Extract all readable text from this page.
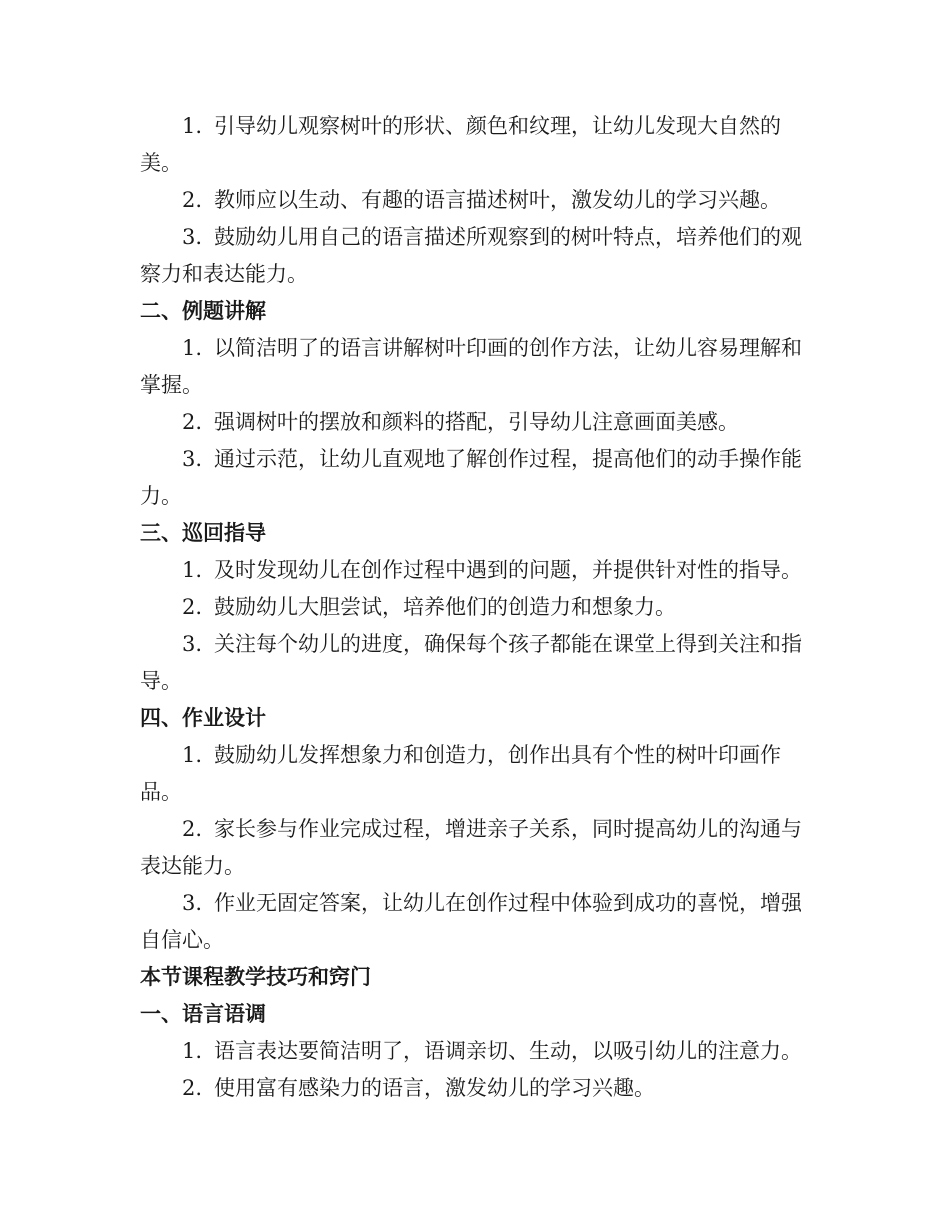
1. 引导幼儿观察树叶的形状、颜色和纹理，让幼儿发现大自然的美。

2. 教师应以生动、有趣的语言描述树叶，激发幼儿的学习兴趣。

3. 鼓励幼儿用自己的语言描述所观察到的树叶特点，培养他们的观察力和表达能力。

二、例题讲解

1. 以简洁明了的语言讲解树叶印画的创作方法，让幼儿容易理解和掌握。

2. 强调树叶的摆放和颜料的搭配，引导幼儿注意画面美感。

3. 通过示范，让幼儿直观地了解创作过程，提高他们的动手操作能力。

三、巡回指导

1. 及时发现幼儿在创作过程中遇到的问题，并提供针对性的指导。

2. 鼓励幼儿大胆尝试，培养他们的创造力和想象力。

3. 关注每个幼儿的进度，确保每个孩子都能在课堂上得到关注和指导。

四、作业设计

1. 鼓励幼儿发挥想象力和创造力，创作出具有个性的树叶印画作品。

2. 家长参与作业完成过程，增进亲子关系，同时提高幼儿的沟通与表达能力。

3. 作业无固定答案，让幼儿在创作过程中体验到成功的喜悦，增强自信心。

本节课程教学技巧和窍门

一、语言语调

1. 语言表达要简洁明了，语调亲切、生动，以吸引幼儿的注意力。

2. 使用富有感染力的语言，激发幼儿的学习兴趣。
